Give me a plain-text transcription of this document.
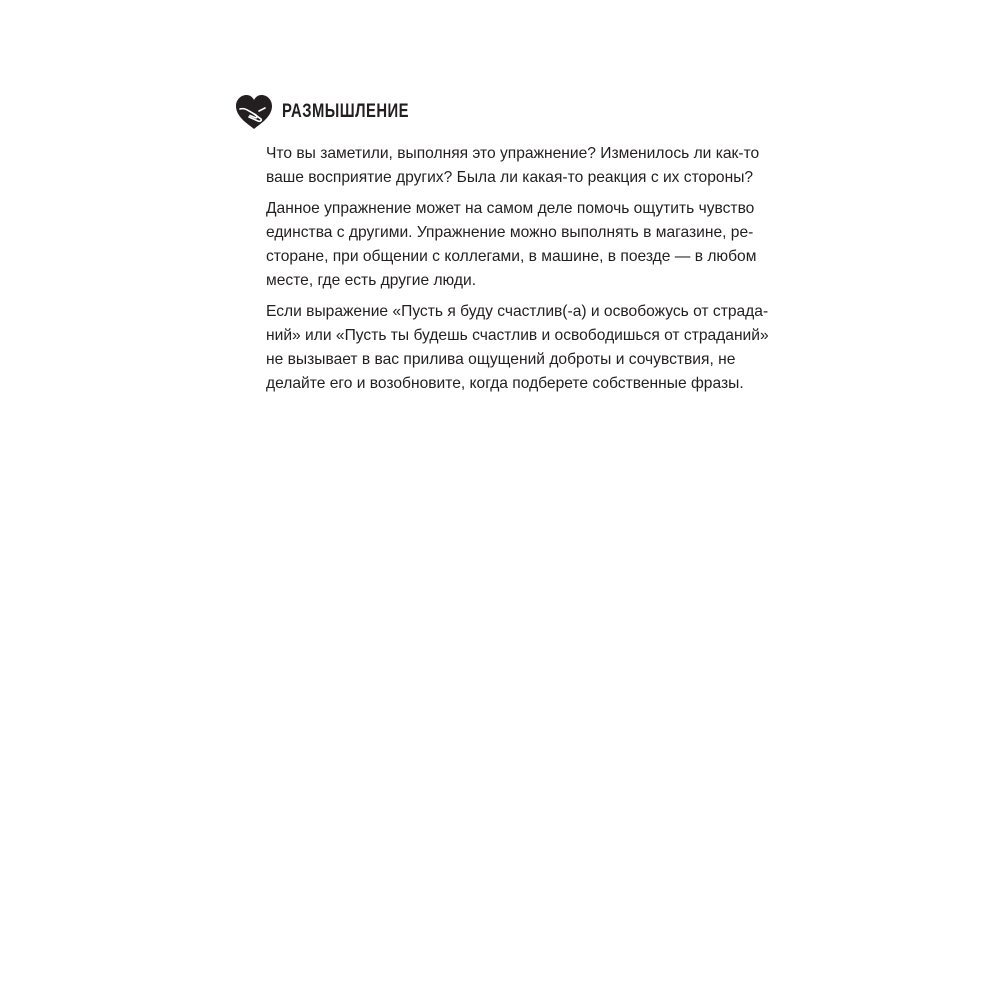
РАЗМЫШЛЕНИЕ

Что вы заметили, выполняя это упражнение? Изменилось ли как-то
ваше восприятие других? Была ли какая-то реакция с их стороны?

Данное упражнение может на самом деле помочь ощутить чувство
единства с другими. Упражнение можно выполнять в магазине, ре-
сторане, при общении с коллегами, в машине, в поезде — в любом
месте, где есть другие люди.

Если выражение «Пусть я буду счастлив(-а) и освобожусь от страда-
ний» или «Пусть ты будешь счастлив и освободишься от страданий»
не вызывает в вас прилива ощущений доброты и сочувствия, не
делайте его и возобновите, когда подберете собственные фразы.
